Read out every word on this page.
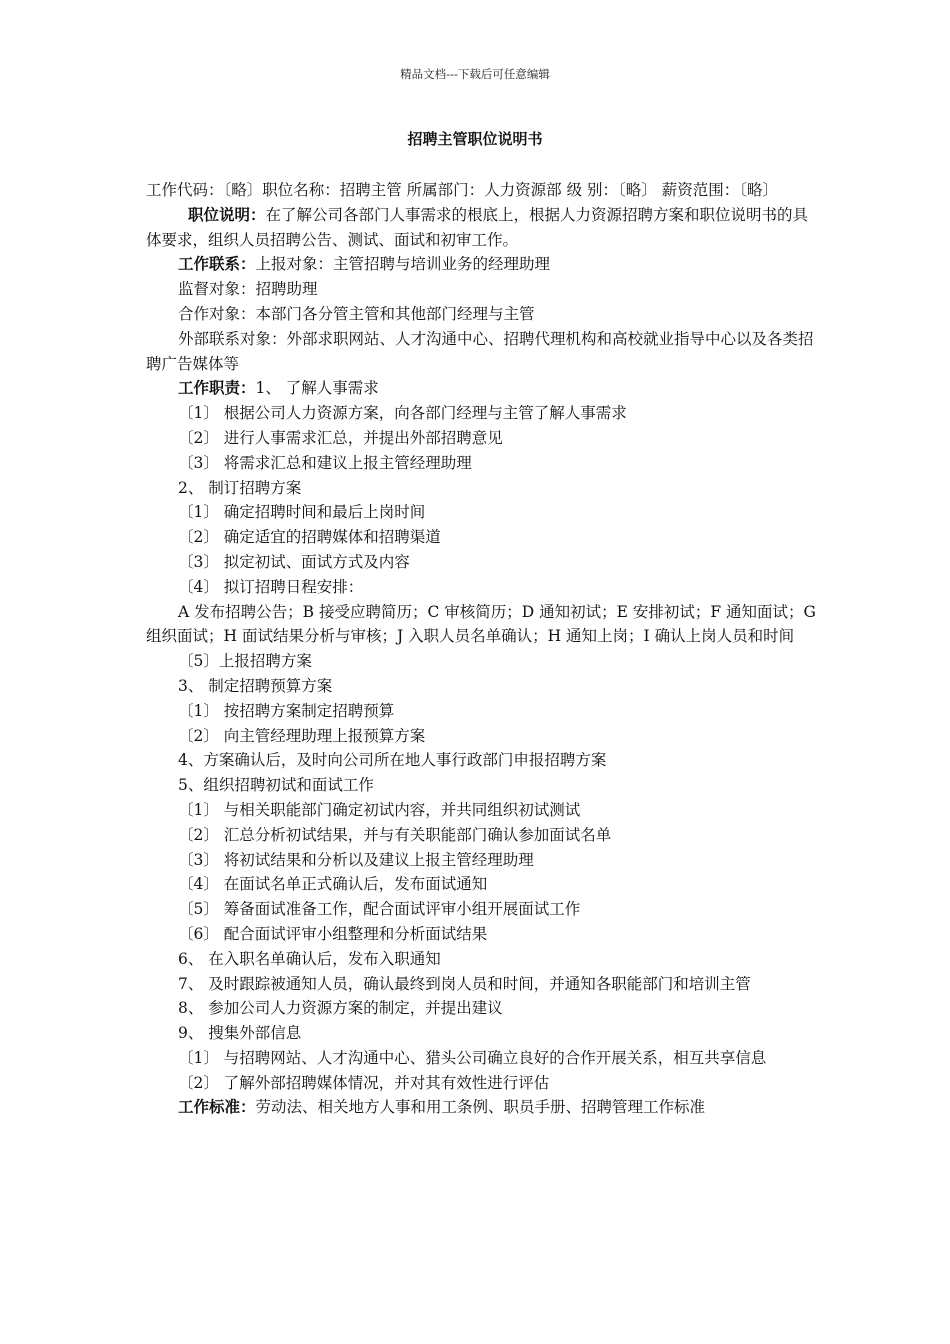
精品文档---下载后可任意编辑
招聘主管职位说明书

工作代码：〔略〕职位名称：招聘主管 所属部门：人力资源部 级 别：〔略〕 薪资范围：〔略〕

职位说明：在了解公司各部门人事需求的根底上，根据人力资源招聘方案和职位说明书的具体要求，组织人员招聘公告、测试、面试和初审工作。

工作联系：上报对象：主管招聘与培训业务的经理助理

监督对象：招聘助理

合作对象：本部门各分管主管和其他部门经理与主管

外部联系对象：外部求职网站、人才沟通中心、招聘代理机构和高校就业指导中心以及各类招聘广告媒体等

工作职责：1、 了解人事需求

〔1〕 根据公司人力资源方案，向各部门经理与主管了解人事需求

〔2〕 进行人事需求汇总，并提出外部招聘意见

〔3〕 将需求汇总和建议上报主管经理助理

2、 制订招聘方案

〔1〕 确定招聘时间和最后上岗时间

〔2〕 确定适宜的招聘媒体和招聘渠道

〔3〕 拟定初试、面试方式及内容

〔4〕 拟订招聘日程安排：

A 发布招聘公告；B 接受应聘简历；C 审核简历；D 通知初试；E 安排初试；F 通知面试；G 组织面试；H 面试结果分析与审核；J 入职人员名单确认；H 通知上岗；I 确认上岗人员和时间

〔5〕上报招聘方案

3、 制定招聘预算方案

〔1〕 按招聘方案制定招聘预算

〔2〕 向主管经理助理上报预算方案

4、方案确认后，及时向公司所在地人事行政部门申报招聘方案

5、组织招聘初试和面试工作

〔1〕 与相关职能部门确定初试内容，并共同组织初试测试

〔2〕 汇总分析初试结果，并与有关职能部门确认参加面试名单

〔3〕 将初试结果和分析以及建议上报主管经理助理

〔4〕 在面试名单正式确认后，发布面试通知

〔5〕 筹备面试准备工作，配合面试评审小组开展面试工作

〔6〕 配合面试评审小组整理和分析面试结果

6、 在入职名单确认后，发布入职通知

7、 及时跟踪被通知人员，确认最终到岗人员和时间，并通知各职能部门和培训主管

8、 参加公司人力资源方案的制定，并提出建议

9、 搜集外部信息

〔1〕 与招聘网站、人才沟通中心、猎头公司确立良好的合作开展关系，相互共享信息

〔2〕 了解外部招聘媒体情况，并对其有效性进行评估

工作标准：劳动法、相关地方人事和用工条例、职员手册、招聘管理工作标准
